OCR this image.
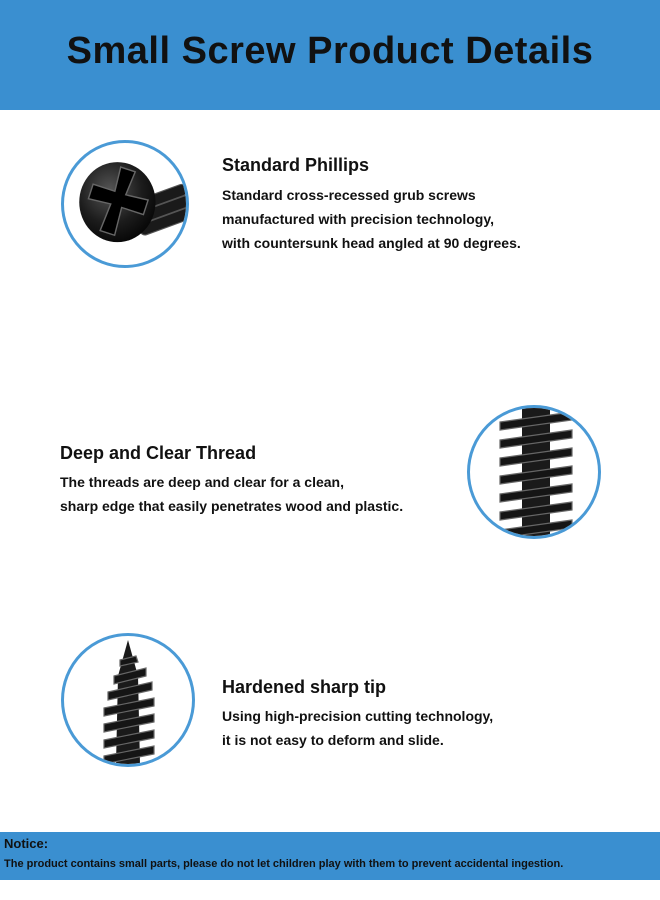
Small Screw Product Details
Standard Phillips

Standard cross-recessed grub screws
manufactured with precision technology,
with countersunk head angled at 90 degrees.

Deep and Clear Thread

The threads are deep and clear for a clean,
sharp edge that easily penetrates wood and plastic.

Hardened sharp tip

Using high-precision cutting technology,
it is not easy to deform and slide.

Notice:
The product contains small parts, please do not let children play with them to prevent accidental ingestion.
